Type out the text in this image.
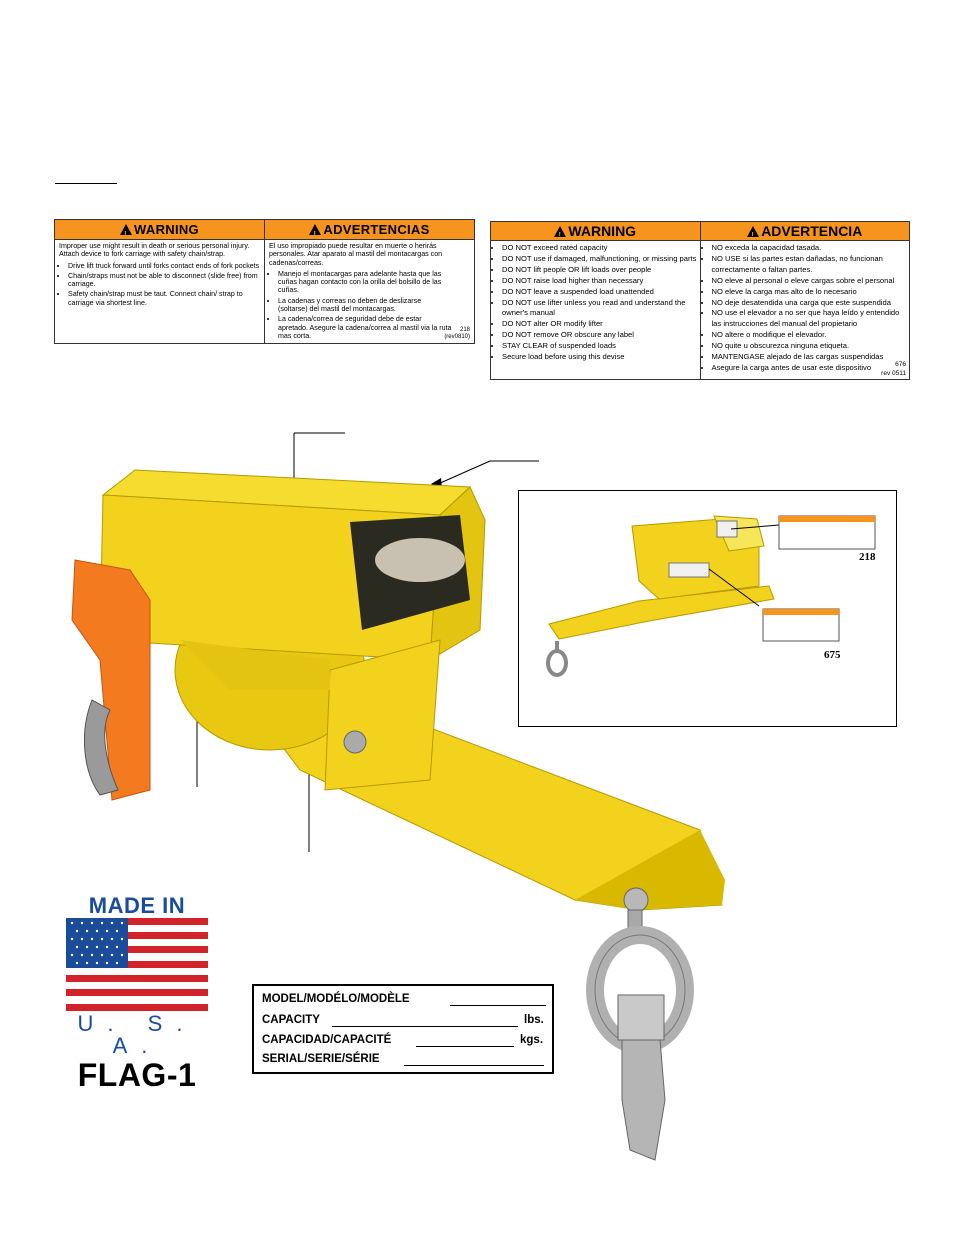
!WARNING !	ADVERTENCIAS

Improper use might result in death or serious personal injury. Attach device to fork carriage with safety chain/strap.

• Drive lift truck forward until forks contact ends of fork pockets
• Chain/straps must not be able to disconnect (slide free) from carriage.
• Safety chain/strap must be taut. Connect chain/ strap to carriage via shortest line.

El uso impropiado puede resultar en muerte o herirás personales. Atar aparato al mastil del montacargas con cadenas/correas.

• Manejo el montacargas para adelante hasta que las cuñas hagan contacto con la orilla del bolsillo de las cuñas.
• La cadenas y correas no deben de deslizarse (soltarse) del mastil del montacargas.
• La cadena/correa de seguridad debe de estar apretado. Asegure la cadena/correa al mastil via la ruta mas corta.
218
(rev0810)
!WARNING !	ADVERTENCIA
• DO NOT exceed rated capacity
• DO NOT use if damaged, malfunctioning, or missing parts
• DO NOT lift people OR lift loads over people
• DO NOT raise load higher than necessary
• DO NOT leave a suspended load unattended
• DO NOT use lifter unless you read and understand the owner's manual
• DO NOT alter OR modify lifter
• DO NOT remove OR obscure any label
• STAY CLEAR of suspended loads
• Secure load before using this devise
• NO exceda la capacidad tasada.
• NO USE si las partes estan dañadas, no funcionan correctamente o faltan partes.
• NO eleve al personal o eleve cargas sobre el personal
• NO eleve la carga mas alto de lo necesario
• NO deje desatendida una carga que este suspendida
• NO use el elevador a no ser que haya leído y entendido las instrucciones del manual del propietario
• NO altere o modifique el elevador.
• NO quite u obscurezca ninguna etiqueta.
• MANTENGASE alejado de las cargas suspendidas
• Asegure la carga antes de usar este dispositivo	676
rev 0511
218
675
MADE IN
U. S. A.
FLAG-1
MODEL/MODÉLO/MODÈLE
CAPACITY	lbs.
CAPACIDAD/CAPACITÉ	kgs.
SERIAL/SERIE/SÉRIE
